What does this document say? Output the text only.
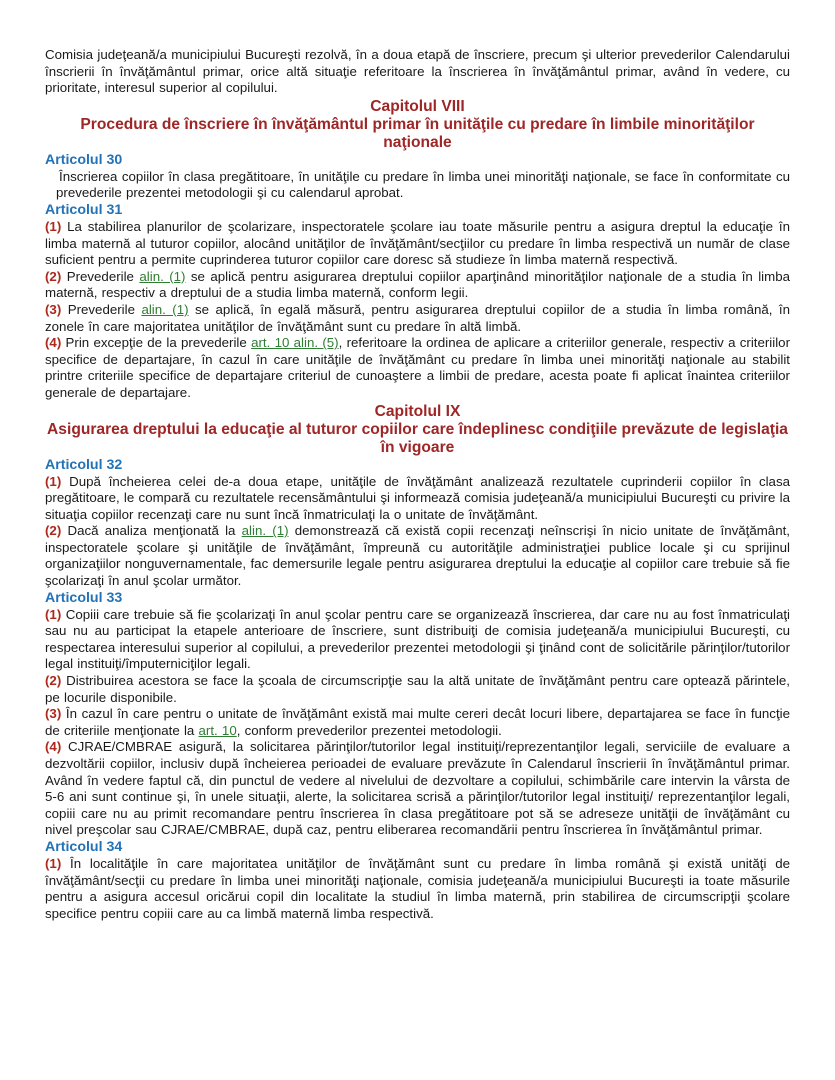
Comisia judeţeană/a municipiului Bucureşti rezolvă, în a doua etapă de înscriere, precum şi ulterior prevederilor Calendarului înscrierii în învăţământul primar, orice altă situaţie referitoare la înscrierea în învăţământul primar, având în vedere, cu prioritate, interesul superior al copilului.

Capitolul VIII
Procedura de înscriere în învăţământul primar în unităţile cu predare în limbile minorităţilor naţionale
Articolul 30

Înscrierea copiilor în clasa pregătitoare, în unităţile cu predare în limba unei minorităţi naţionale, se face în conformitate cu prevederile prezentei metodologii şi cu calendarul aprobat.

Articolul 31

(1) La stabilirea planurilor de şcolarizare, inspectoratele şcolare iau toate măsurile pentru a asigura dreptul la educaţie în limba maternă al tuturor copiilor, alocând unităţilor de învăţământ/secţiilor cu predare în limba respectivă un număr de clase suficient pentru a permite cuprinderea tuturor copiilor care doresc să studieze în limba maternă respectivă.

(2) Prevederile alin. (1) se aplică pentru asigurarea dreptului copiilor aparţinând minorităţilor naţionale de a studia în limba maternă, respectiv a dreptului de a studia limba maternă, conform legii.

(3) Prevederile alin. (1) se aplică, în egală măsură, pentru asigurarea dreptului copiilor de a studia în limba română, în zonele în care majoritatea unităţilor de învăţământ sunt cu predare în altă limbă.

(4) Prin excepţie de la prevederile art. 10 alin. (5), referitoare la ordinea de aplicare a criteriilor generale, respectiv a criteriilor specifice de departajare, în cazul în care unităţile de învăţământ cu predare în limba unei minorităţi naţionale au stabilit printre criteriile specifice de departajare criteriul de cunoaştere a limbii de predare, acesta poate fi aplicat înaintea criteriilor generale de departajare.

Capitolul IX
Asigurarea dreptului la educaţie al tuturor copiilor care îndeplinesc condiţiile prevăzute de legislaţia în vigoare
Articolul 32

(1) După încheierea celei de-a doua etape, unităţile de învăţământ analizează rezultatele cuprinderii copiilor în clasa pregătitoare, le compară cu rezultatele recensământului şi informează comisia judeţeană/a municipiului Bucureşti cu privire la situaţia copiilor recenzaţi care nu sunt încă înmatriculaţi la o unitate de învăţământ.

(2) Dacă analiza menţionată la alin. (1) demonstrează că există copii recenzaţi neînscrişi în nicio unitate de învăţământ, inspectoratele şcolare şi unităţile de învăţământ, împreună cu autorităţile administraţiei publice locale şi cu sprijinul organizaţiilor nonguvernamentale, fac demersurile legale pentru asigurarea dreptului la educaţie al copiilor care trebuie să fie şcolarizaţi în anul şcolar următor.

Articolul 33

(1) Copiii care trebuie să fie şcolarizaţi în anul şcolar pentru care se organizează înscrierea, dar care nu au fost înmatriculaţi sau nu au participat la etapele anterioare de înscriere, sunt distribuiţi de comisia judeţeană/a municipiului Bucureşti, cu respectarea interesului superior al copilului, a prevederilor prezentei metodologii şi ţinând cont de solicitările părinţilor/tutorilor legal instituiţi/împuterniciţilor legali.

(2) Distribuirea acestora se face la şcoala de circumscripţie sau la altă unitate de învăţământ pentru care optează părintele, pe locurile disponibile.

(3) În cazul în care pentru o unitate de învăţământ există mai multe cereri decât locuri libere, departajarea se face în funcţie de criteriile menţionate la art. 10, conform prevederilor prezentei metodologii.

(4) CJRAE/CMBRAE asigură, la solicitarea părinţilor/tutorilor legal instituiţi/reprezentanţilor legali, serviciile de evaluare a dezvoltării copiilor, inclusiv după încheierea perioadei de evaluare prevăzute în Calendarul înscrierii în învăţământul primar. Având în vedere faptul că, din punctul de vedere al nivelului de dezvoltare a copilului, schimbările care intervin la vârsta de 5-6 ani sunt continue şi, în unele situaţii, alerte, la solicitarea scrisă a părinţilor/tutorilor legal instituiţi/ reprezentanţilor legali, copiii care nu au primit recomandare pentru înscrierea în clasa pregătitoare pot să se adreseze unităţii de învăţământ cu nivel preşcolar sau CJRAE/CMBRAE, după caz, pentru eliberarea recomandării pentru înscrierea în învăţământul primar.

Articolul 34

(1) În localităţile în care majoritatea unităţilor de învăţământ sunt cu predare în limba română şi există unităţi de învăţământ/secţii cu predare în limba unei minorităţi naţionale, comisia judeţeană/a municipiului Bucureşti ia toate măsurile pentru a asigura accesul oricărui copil din localitate la studiul în limba maternă, prin stabilirea de circumscripţii şcolare specifice pentru copiii care au ca limbă maternă limba respectivă.
